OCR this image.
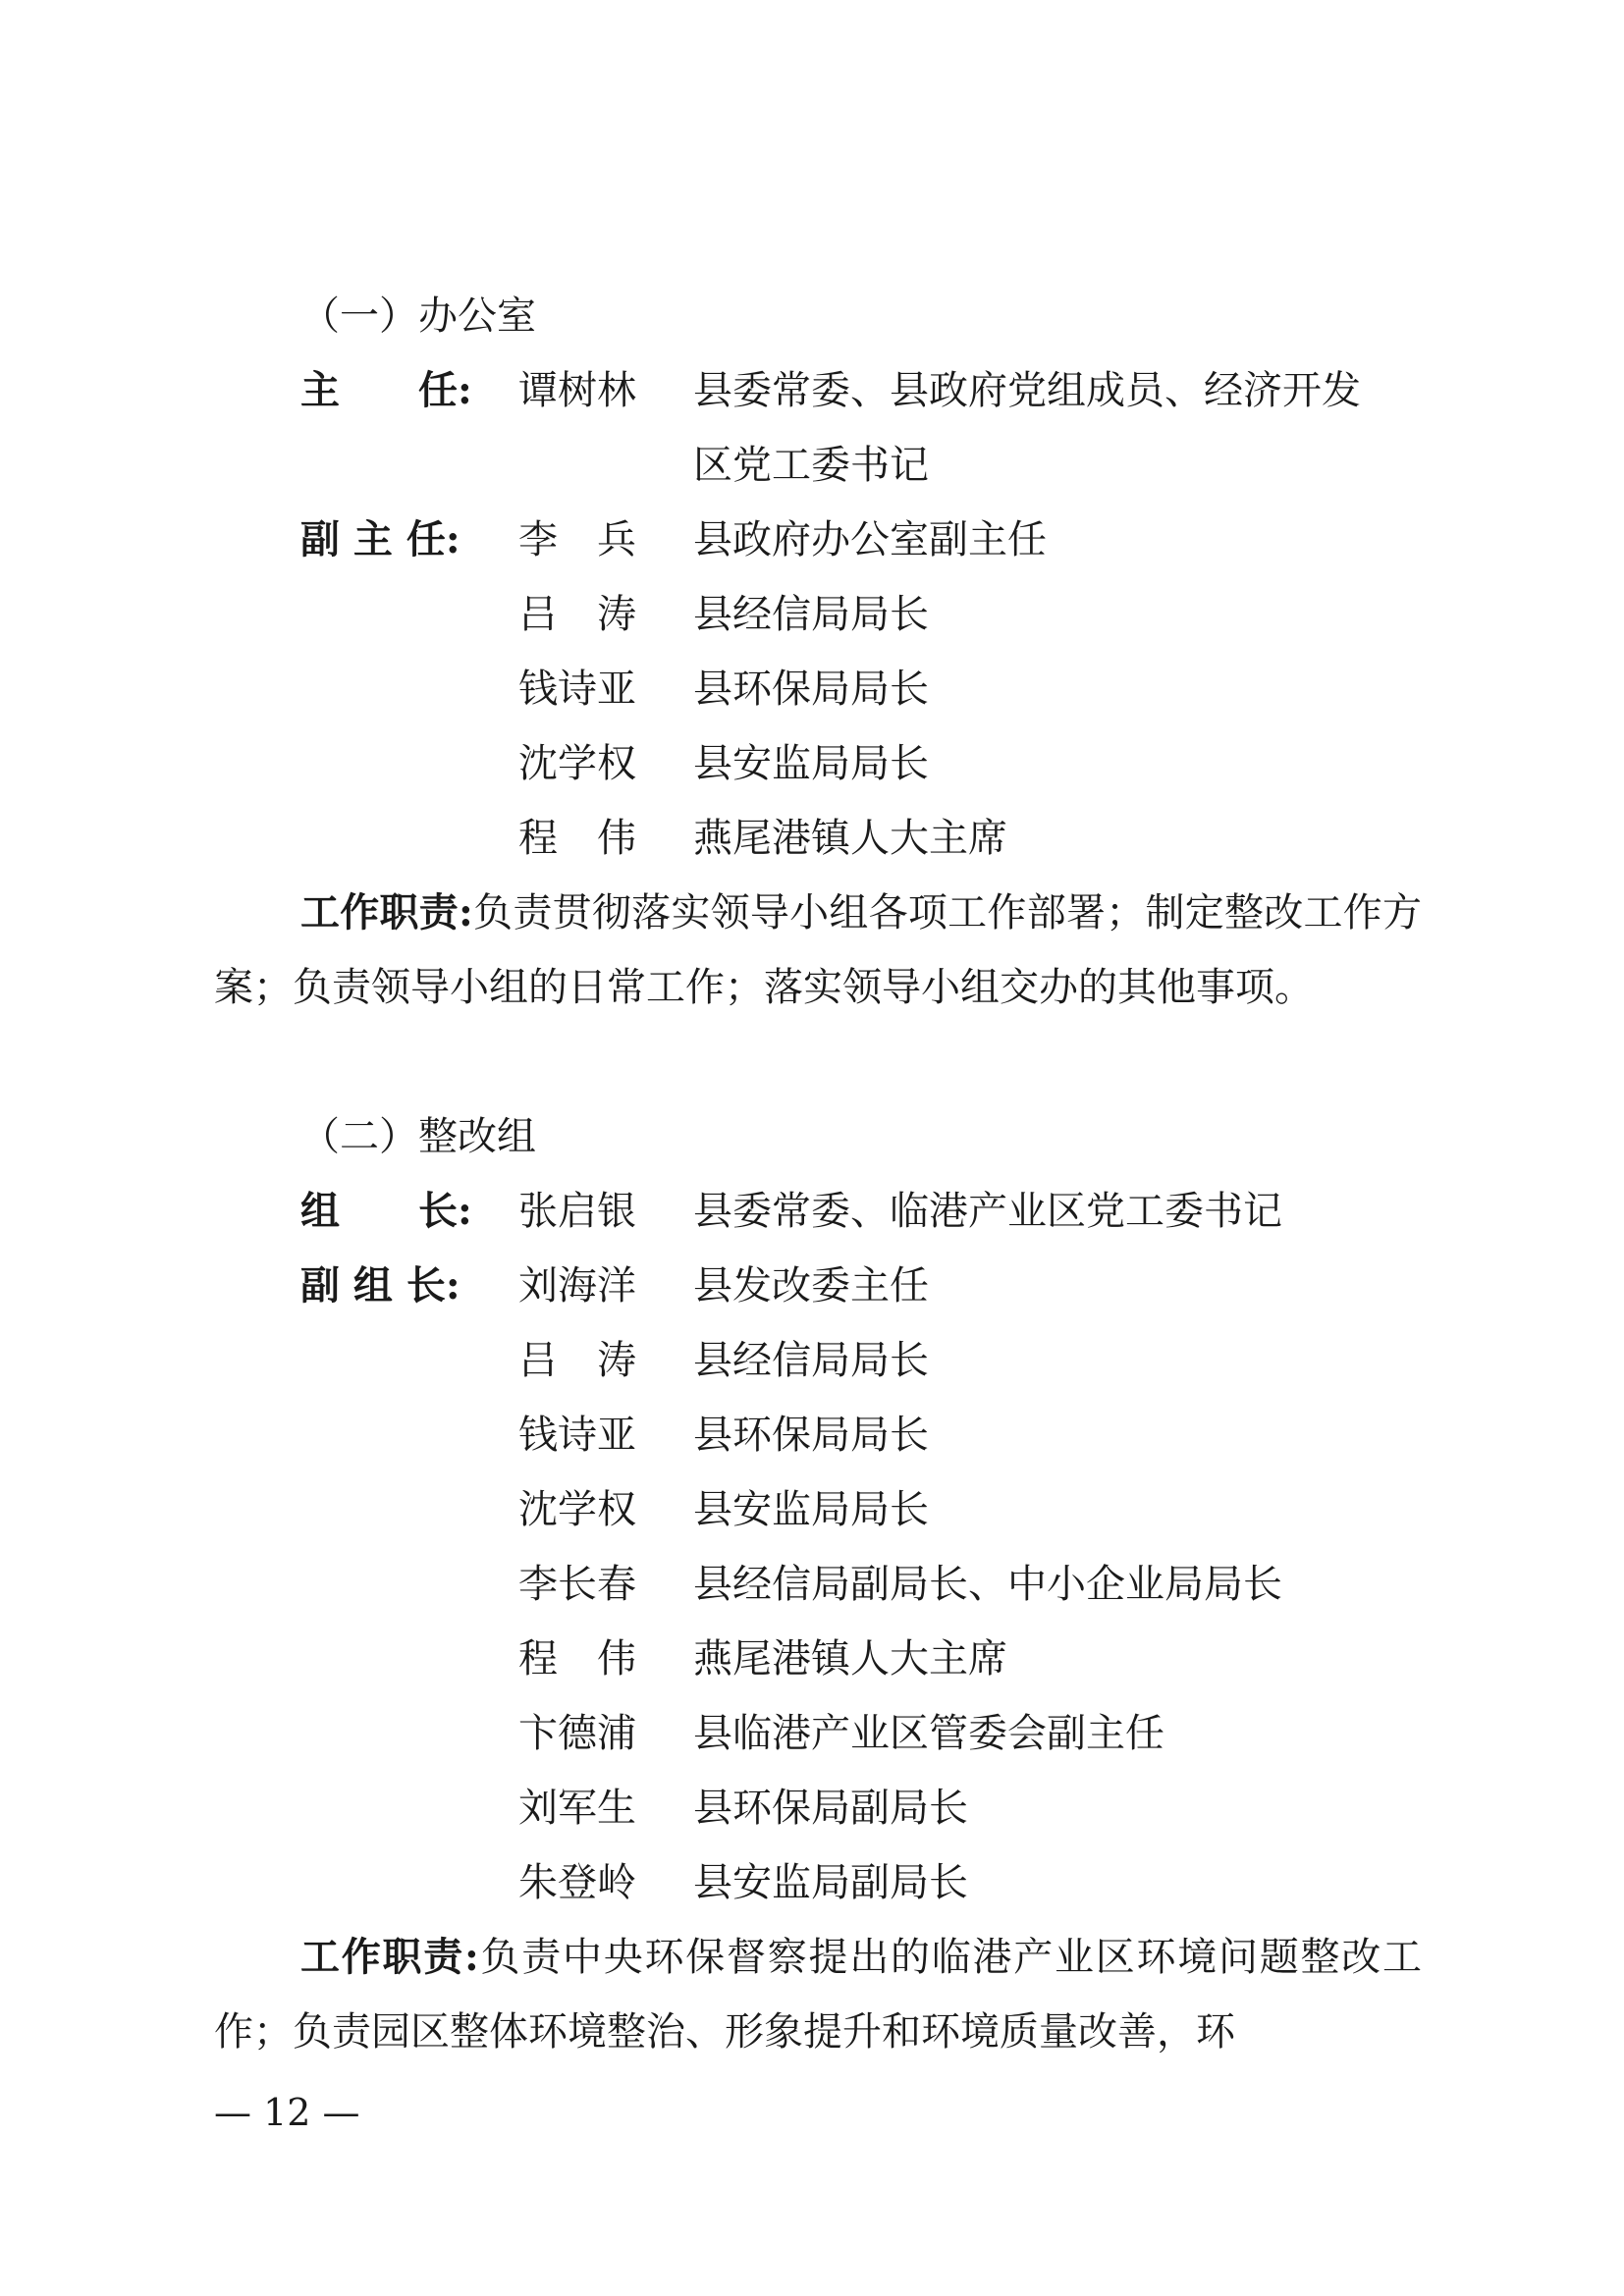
（一）办公室
主　　任: 谭树林 县委常委、县政府党组成员、经济开发
区党工委书记
副 主 任: 李　兵 县政府办公室副主任
吕　涛 县经信局局长
钱诗亚 县环保局局长
沈学权 县安监局局长
程　伟 燕尾港镇人大主席
工作职责:负责贯彻落实领导小组各项工作部署；制定整改工作方案；负责领导小组的日常工作；落实领导小组交办的其他事项。
（二）整改组
组　　长: 张启银 县委常委、临港产业区党工委书记
副 组 长: 刘海洋 县发改委主任
吕　涛 县经信局局长
钱诗亚 县环保局局长
沈学权 县安监局局长
李长春 县经信局副局长、中小企业局局长
程　伟 燕尾港镇人大主席
卞德浦 县临港产业区管委会副主任
刘军生 县环保局副局长
朱登岭 县安监局副局长
工作职责:负责中央环保督察提出的临港产业区环境问题整改工作；负责园区整体环境整治、形象提升和环境质量改善，环
— 12 —
